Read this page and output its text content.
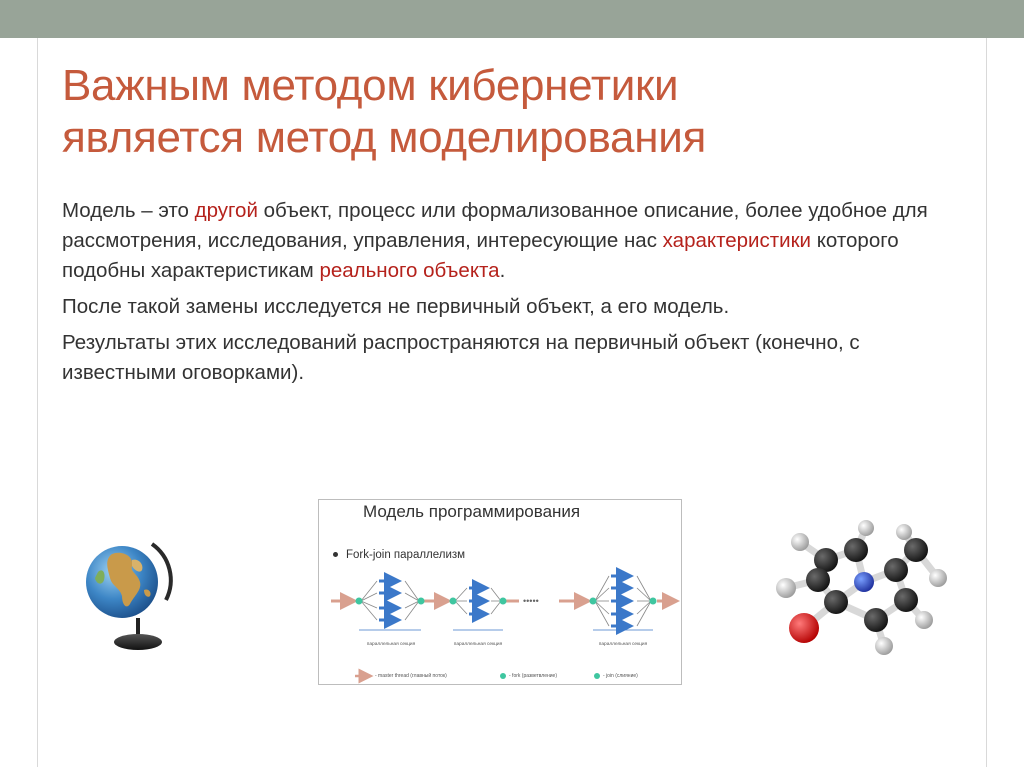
Важным методом кибернетики
является метод моделирования

Модель – это другой объект, процесс или формализованное описание, более удобное для рассмотрения, исследования, управления, интересующие нас характеристики которого подобны характеристикам реального объекта.

После такой замены исследуется не первичный объект, а его модель.

Результаты этих исследований распространяются на первичный объект (конечно, с известными оговорками).

Модель программирования
Fork-join параллелизм
•••••
параллельная секция	параллельная секция	параллельная секция
- master thread (главный поток)	- fork (разветвление)	- join (слияние)
